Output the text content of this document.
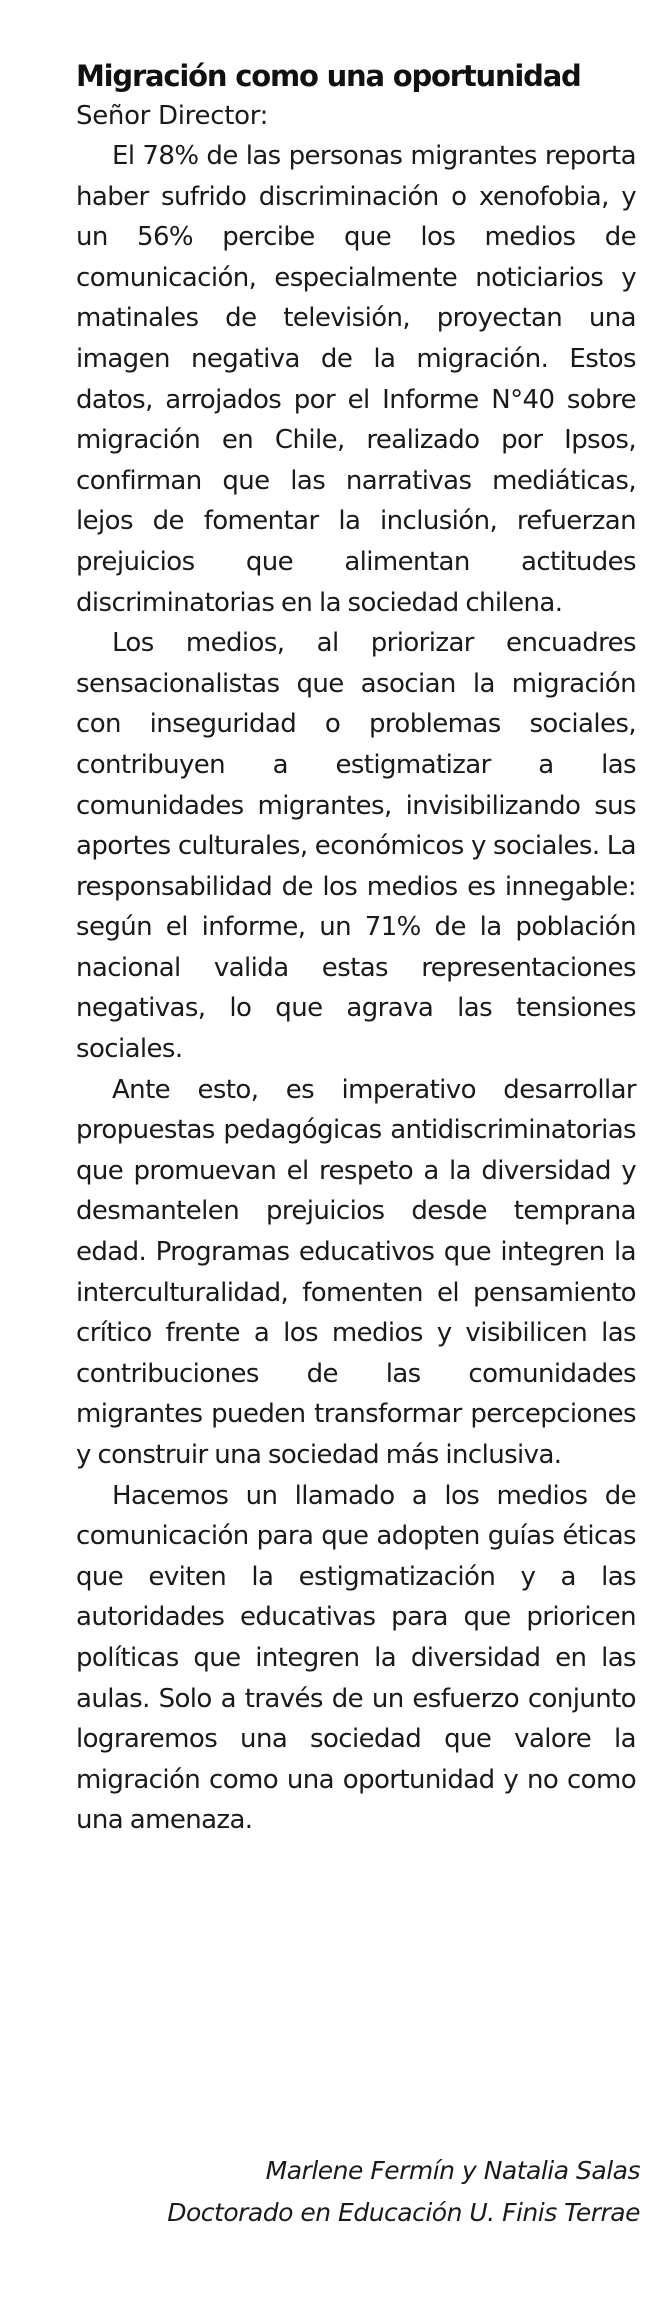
Migración como una oportunidad

Señor Director:

El 78% de las personas migrantes reporta haber sufrido discriminación o xenofobia, y un 56% percibe que los medios de comunicación, especialmente noticiarios y matinales de televisión, proyectan una imagen negativa de la migración. Estos datos, arrojados por el Informe N°40 sobre migración en Chile, realizado por Ipsos, confirman que las narrativas mediáticas, lejos de fomentar la inclusión, refuerzan prejuicios que alimentan actitudes discriminatorias en la sociedad chilena.

Los medios, al priorizar encuadres sensacionalistas que asocian la migración con inseguridad o problemas sociales, contribuyen a estigmatizar a las comunidades migrantes, invisibilizando sus aportes culturales, económicos y sociales. La responsabilidad de los medios es innegable: según el informe, un 71% de la población nacional valida estas representaciones negativas, lo que agrava las tensiones sociales.

Ante esto, es imperativo desarrollar propuestas pedagógicas antidiscriminatorias que promuevan el respeto a la diversidad y desmantelen prejuicios desde temprana edad. Programas educativos que integren la interculturalidad, fomenten el pensamiento crítico frente a los medios y visibilicen las contribuciones de las comunidades migrantes pueden transformar percepciones y construir una sociedad más inclusiva.

Hacemos un llamado a los medios de comunicación para que adopten guías éticas que eviten la estigmatización y a las autoridades educativas para que prioricen políticas que integren la diversidad en las aulas. Solo a través de un esfuerzo conjunto lograremos una sociedad que valore la migración como una oportunidad y no como una amenaza.

Marlene Fermín y Natalia Salas
Doctorado en Educación U. Finis Terrae
